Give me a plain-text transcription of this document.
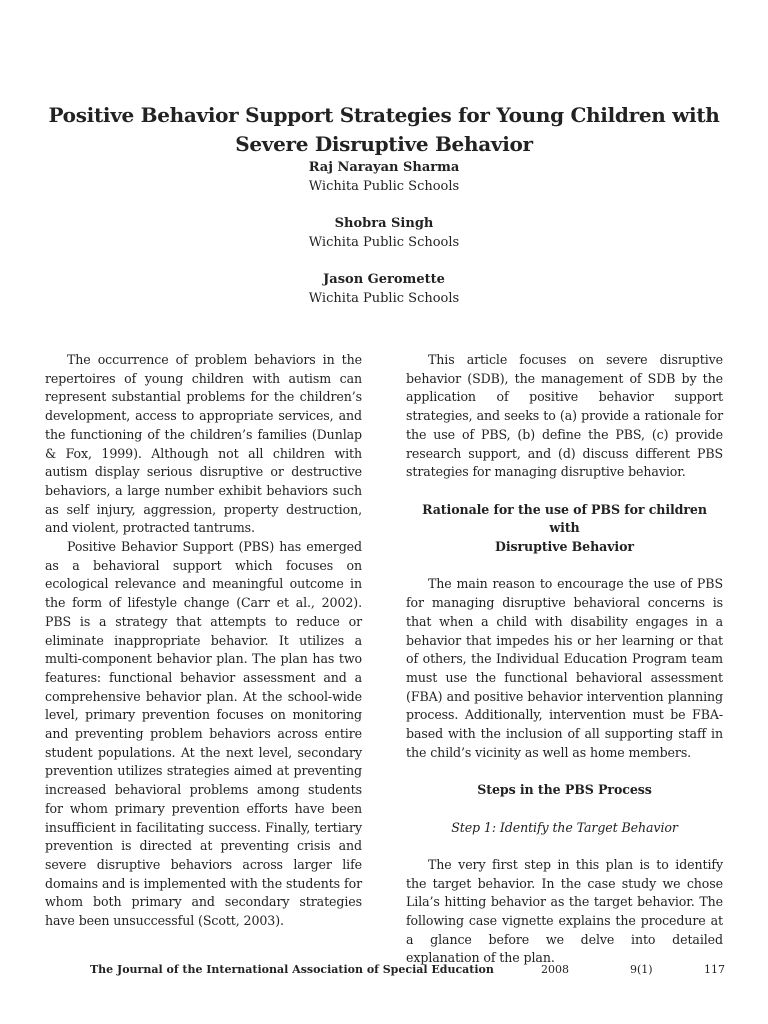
Positive Behavior Support Strategies for Young Children with Severe Disruptive Behavior
Raj Narayan Sharma
Wichita Public Schools
Shobra Singh
Wichita Public Schools
Jason Geromette
Wichita Public Schools

The occurrence of problem behaviors in the repertoires of young children with autism can represent substantial problems for the children’s development, access to appropriate services, and the functioning of the children’s families (Dunlap & Fox, 1999). Although not all children with autism display serious disruptive or destructive behaviors, a large number exhibit behaviors such as self injury, aggression, property destruction, and violent, protracted tantrums.

Positive Behavior Support (PBS) has emerged as a behavioral support which focuses on ecological relevance and meaningful outcome in the form of lifestyle change (Carr et al., 2002). PBS is a strategy that attempts to reduce or eliminate inappropriate behavior. It utilizes a multi-component behavior plan. The plan has two features: functional behavior assessment and a comprehensive behavior plan. At the school-wide level, primary prevention focuses on monitoring and preventing problem behaviors across entire student populations. At the next level, secondary prevention utilizes strategies aimed at preventing increased behavioral problems among students for whom primary prevention efforts have been insufficient in facilitating success. Finally, tertiary prevention is directed at preventing crisis and severe disruptive behaviors across larger life domains and is implemented with the students for whom both primary and secondary strategies have been unsuccessful (Scott, 2003).

This article focuses on severe disruptive behavior (SDB), the management of SDB by the application of positive behavior support strategies, and seeks to (a) provide a rationale for the use of PBS, (b) define the PBS, (c) provide research support, and (d) discuss different PBS strategies for managing disruptive behavior.

Rationale for the use of PBS for children with
Disruptive Behavior

The main reason to encourage the use of PBS for managing disruptive behavioral concerns is that when a child with disability engages in a behavior that impedes his or her learning or that of others, the Individual Education Program team must use the functional behavioral assessment (FBA) and positive behavior intervention planning process. Additionally, intervention must be FBA-based with the inclusion of all supporting staff in the child’s vicinity as well as home members.

Steps in the PBS Process
Step 1: Identify the Target Behavior

The very first step in this plan is to identify the target behavior. In the case study we chose Lila’s hitting behavior as the target behavior. The following case vignette explains the procedure at a glance before we delve into detailed explanation of the plan.

The Journal of the International Association of Special Education	2008	9(1)	117
